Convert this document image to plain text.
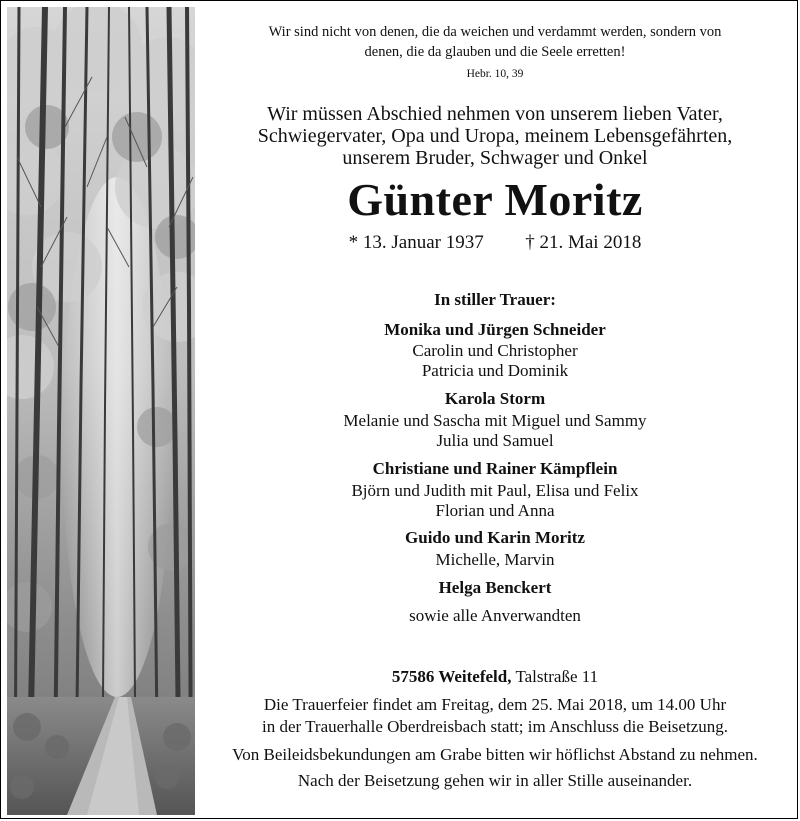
Wir sind nicht von denen, die da weichen und verdammt werden, sondern von
denen, die da glauben und die Seele erretten!
Hebr. 10, 39
Wir müssen Abschied nehmen von unserem lieben Vater,
Schwiegervater, Opa und Uropa, meinem Lebensgefährten,
unserem Bruder, Schwager und Onkel
Günter Moritz
* 13. Januar 1937 † 21. Mai 2018
In stiller Trauer:
Monika und Jürgen Schneider
Carolin und Christopher
Patricia und Dominik
Karola Storm
Melanie und Sascha mit Miguel und Sammy
Julia und Samuel
Christiane und Rainer Kämpflein
Björn und Judith mit Paul, Elisa und Felix
Florian und Anna
Guido und Karin Moritz
Michelle, Marvin
Helga Benckert
sowie alle Anverwandten
57586 Weitefeld, Talstraße 11
Die Trauerfeier findet am Freitag, dem 25. Mai 2018, um 14.00 Uhr
in der Trauerhalle Oberdreisbach statt; im Anschluss die Beisetzung.
Von Beileidsbekundungen am Grabe bitten wir höflichst Abstand zu nehmen.
Nach der Beisetzung gehen wir in aller Stille auseinander.
